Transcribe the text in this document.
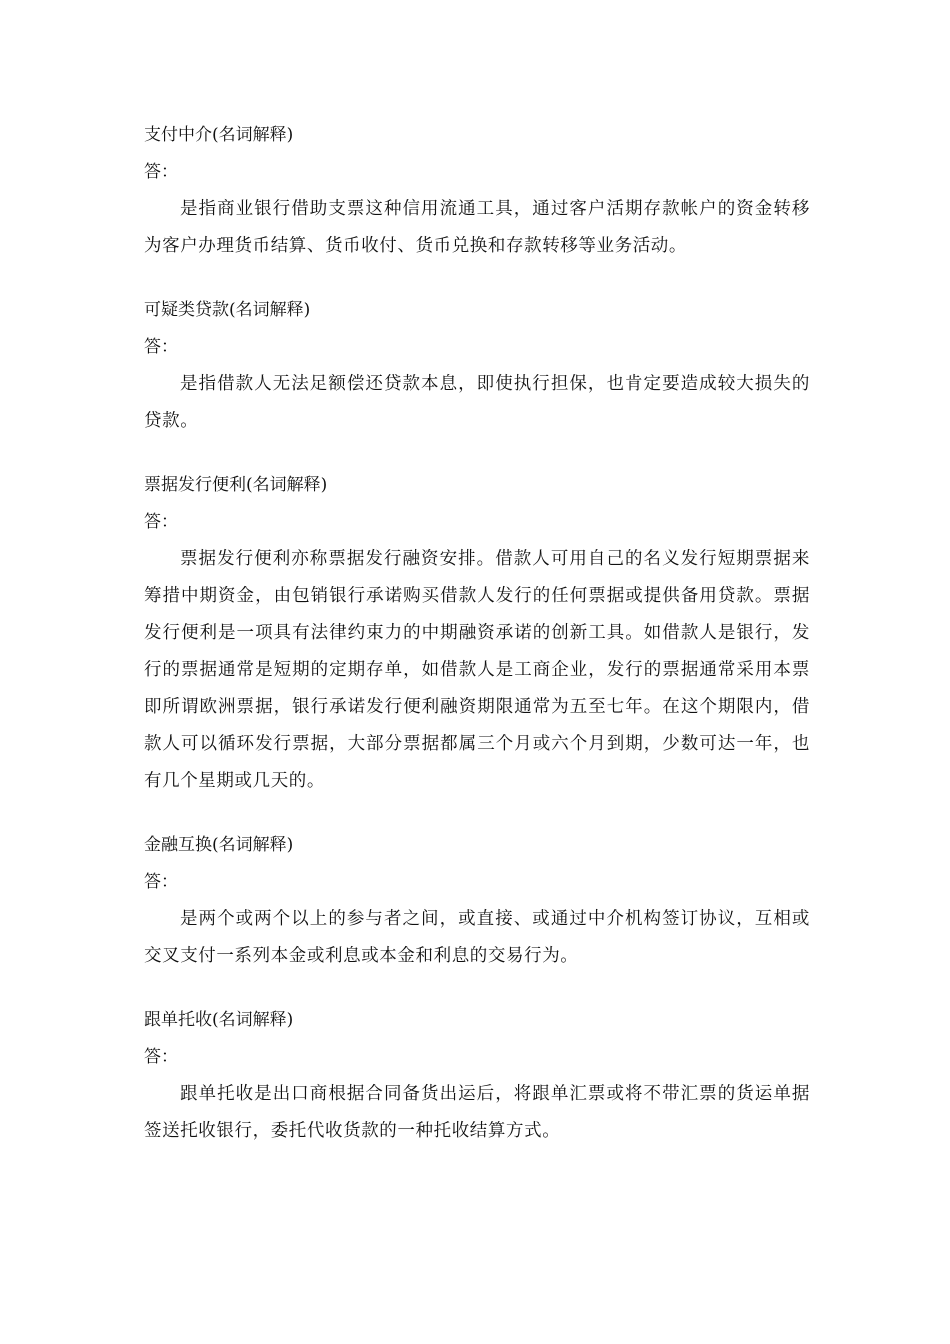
支付中介(名词解释)
答：
是指商业银行借助支票这种信用流通工具，通过客户活期存款帐户的资金转移为客户办理货币结算、货币收付、货币兑换和存款转移等业务活动。
可疑类贷款(名词解释)
答：
是指借款人无法足额偿还贷款本息，即使执行担保，也肯定要造成较大损失的贷款。
票据发行便利(名词解释)
答：
票据发行便利亦称票据发行融资安排。借款人可用自己的名义发行短期票据来筹措中期资金，由包销银行承诺购买借款人发行的任何票据或提供备用贷款。票据发行便利是一项具有法律约束力的中期融资承诺的创新工具。如借款人是银行，发行的票据通常是短期的定期存单，如借款人是工商企业，发行的票据通常采用本票即所谓欧洲票据，银行承诺发行便利融资期限通常为五至七年。在这个期限内，借款人可以循环发行票据，大部分票据都属三个月或六个月到期，少数可达一年，也有几个星期或几天的。
金融互换(名词解释)
答：
是两个或两个以上的参与者之间，或直接、或通过中介机构签订协议，互相或交叉支付一系列本金或利息或本金和利息的交易行为。
跟单托收(名词解释)
答：
跟单托收是出口商根据合同备货出运后，将跟单汇票或将不带汇票的货运单据签送托收银行，委托代收货款的一种托收结算方式。
